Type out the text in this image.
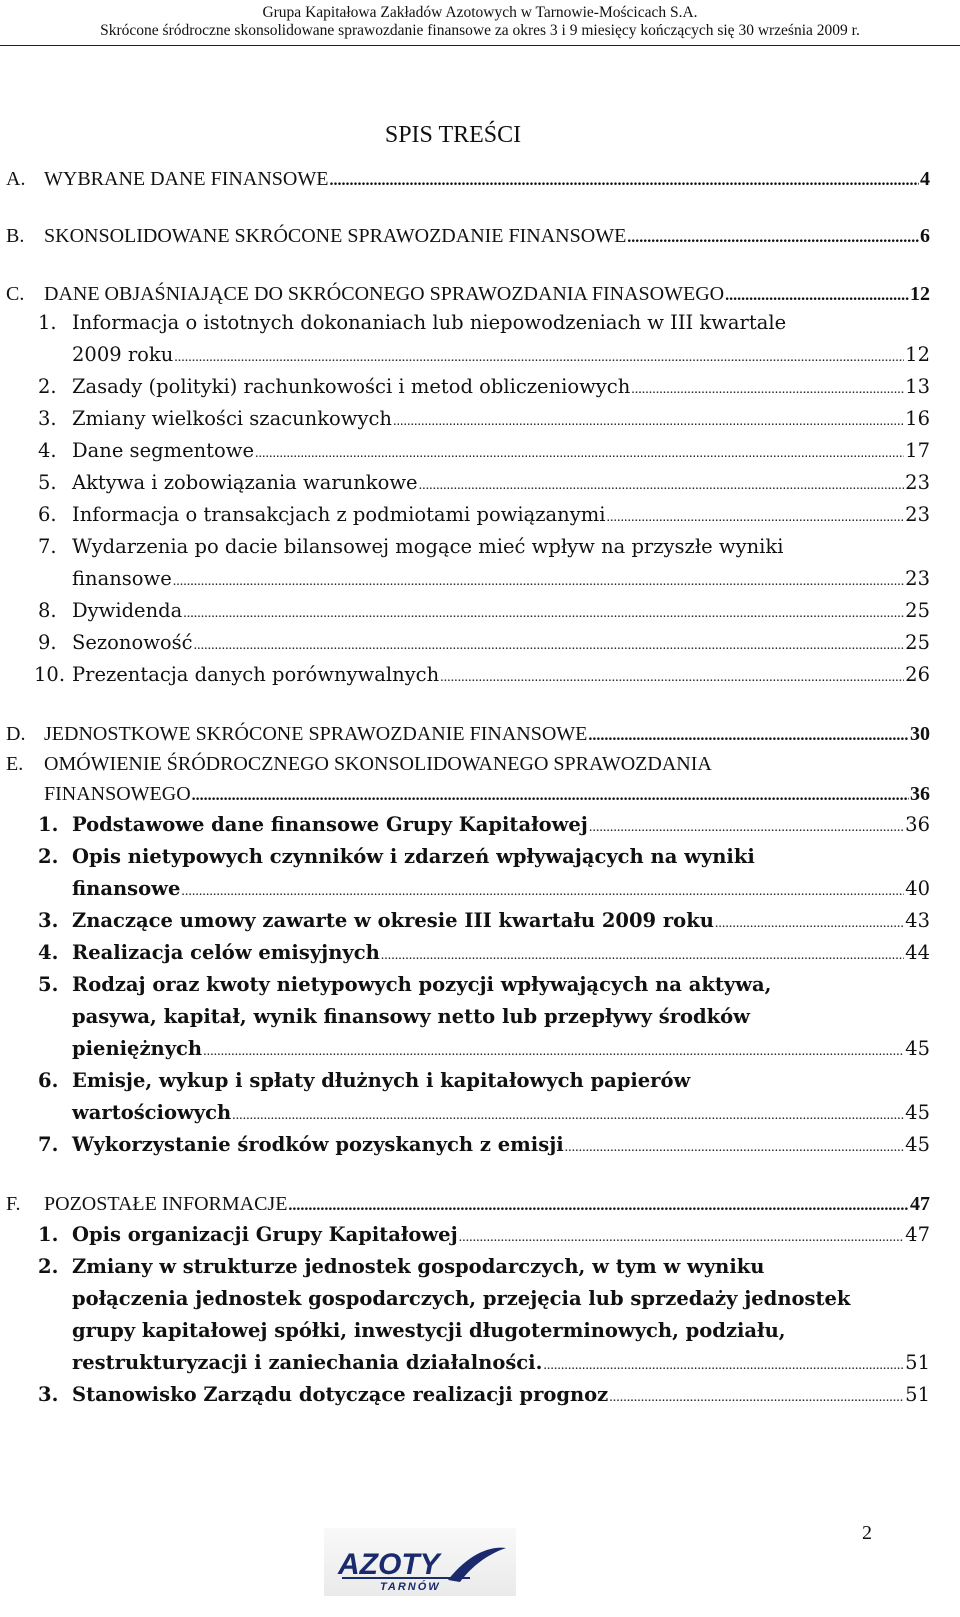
Grupa Kapitałowa Zakładów Azotowych w Tarnowie-Mościcach S.A.
Skrócone śródroczne skonsolidowane sprawozdanie finansowe za okres 3 i 9 miesięcy kończących się 30 września 2009 r.
SPIS TREŚCI
A. WYBRANE DANE FINANSOWE .....	4
B. SKONSOLIDOWANE SKRÓCONE SPRAWOZDANIE FINANSOWE .....	6
C. DANE OBJAŚNIAJĄCE DO SKRÓCONEGO SPRAWOZDANIA FINASOWEGO .....	12
1. Informacja o istotnych dokonaniach lub niepowodzeniach w III kwartale
2009 roku .....	12
2. Zasady (polityki) rachunkowości i metod obliczeniowych .....	13
3. Zmiany wielkości szacunkowych .....	16
4. Dane segmentowe .....	17
5. Aktywa i zobowiązania warunkowe .....	23
6. Informacja o transakcjach z podmiotami powiązanymi .....	23
7. Wydarzenia po dacie bilansowej mogące mieć wpływ na przyszłe wyniki
finansowe .....	23
8. Dywidenda .....	25
9. Sezonowość .....	25
10. Prezentacja danych porównywalnych .....	26
D. JEDNOSTKOWE SKRÓCONE SPRAWOZDANIE FINANSOWE .....	30
E. OMÓWIENIE ŚRÓDROCZNEGO SKONSOLIDOWANEGO SPRAWOZDANIA
FINANSOWEGO .....	36
1. Podstawowe dane finansowe Grupy Kapitałowej .....	36
2. Opis nietypowych czynników i zdarzeń wpływających na wyniki
finansowe .....	40
3. Znaczące umowy zawarte w okresie III kwartału 2009 roku .....	43
4. Realizacja celów emisyjnych .....	44
5. Rodzaj oraz kwoty nietypowych pozycji wpływających na aktywa,
pasywa, kapitał, wynik finansowy netto lub przepływy środków
pieniężnych .....	45
6. Emisje, wykup i spłaty dłużnych i kapitałowych papierów
wartościowych .....	45
7. Wykorzystanie środków pozyskanych z emisji .....	45
F. POZOSTAŁE INFORMACJE .....	47
1. Opis organizacji Grupy Kapitałowej .....	47
2. Zmiany w strukturze jednostek gospodarczych, w tym w wyniku
połączenia jednostek gospodarczych, przejęcia lub sprzedaży jednostek
grupy kapitałowej spółki, inwestycji długoterminowych, podziału,
restrukturyzacji i zaniechania działalności. .....	51
3. Stanowisko Zarządu dotyczące realizacji prognoz .....	51
AZOTY
TARNÓW
2
